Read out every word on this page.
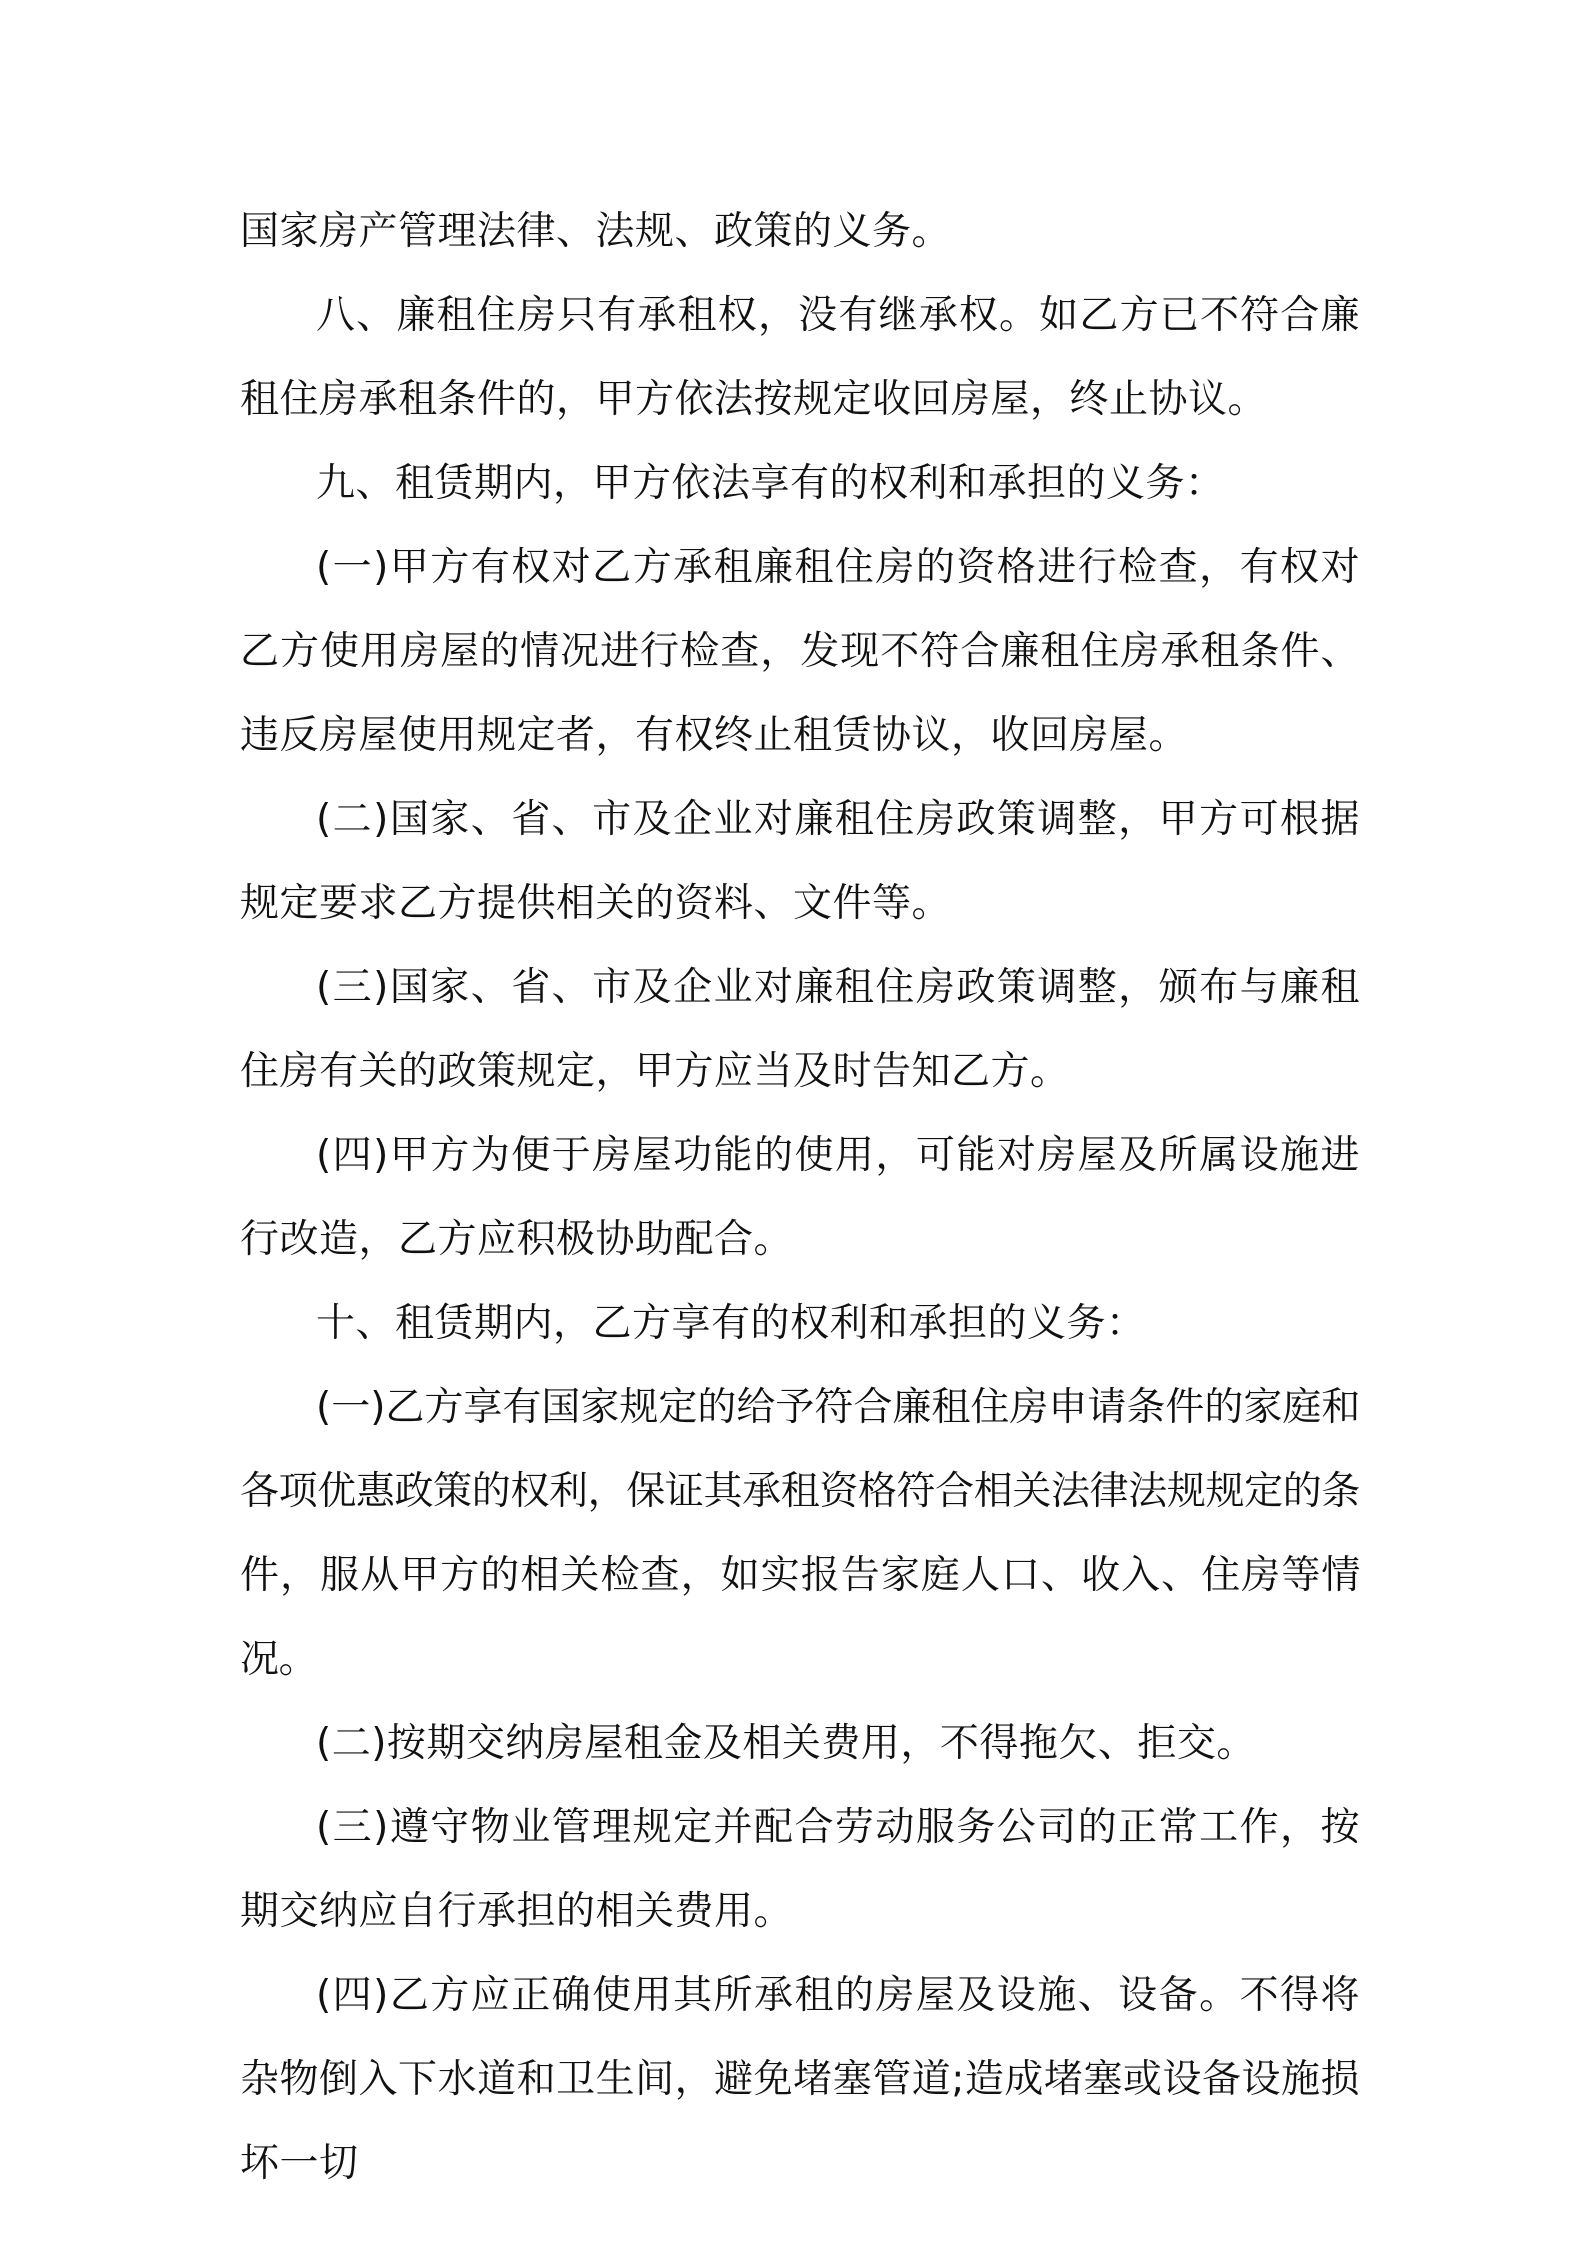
国家房产管理法律、法规、政策的义务。

八、廉租住房只有承租权，没有继承权。如乙方已不符合廉租住房承租条件的，甲方依法按规定收回房屋，终止协议。

九、租赁期内，甲方依法享有的权利和承担的义务：

(一)甲方有权对乙方承租廉租住房的资格进行检查，有权对乙方使用房屋的情况进行检查，发现不符合廉租住房承租条件、违反房屋使用规定者，有权终止租赁协议，收回房屋。

(二)国家、省、市及企业对廉租住房政策调整，甲方可根据规定要求乙方提供相关的资料、文件等。

(三)国家、省、市及企业对廉租住房政策调整，颁布与廉租住房有关的政策规定，甲方应当及时告知乙方。

(四)甲方为便于房屋功能的使用，可能对房屋及所属设施进行改造，乙方应积极协助配合。

十、租赁期内，乙方享有的权利和承担的义务：

(一)乙方享有国家规定的给予符合廉租住房申请条件的家庭和各项优惠政策的权利，保证其承租资格符合相关法律法规规定的条件，服从甲方的相关检查，如实报告家庭人口、收入、住房等情况。

(二)按期交纳房屋租金及相关费用，不得拖欠、拒交。

(三)遵守物业管理规定并配合劳动服务公司的正常工作，按期交纳应自行承担的相关费用。

(四)乙方应正确使用其所承租的房屋及设施、设备。不得将杂物倒入下水道和卫生间，避免堵塞管道;造成堵塞或设备设施损坏一切
